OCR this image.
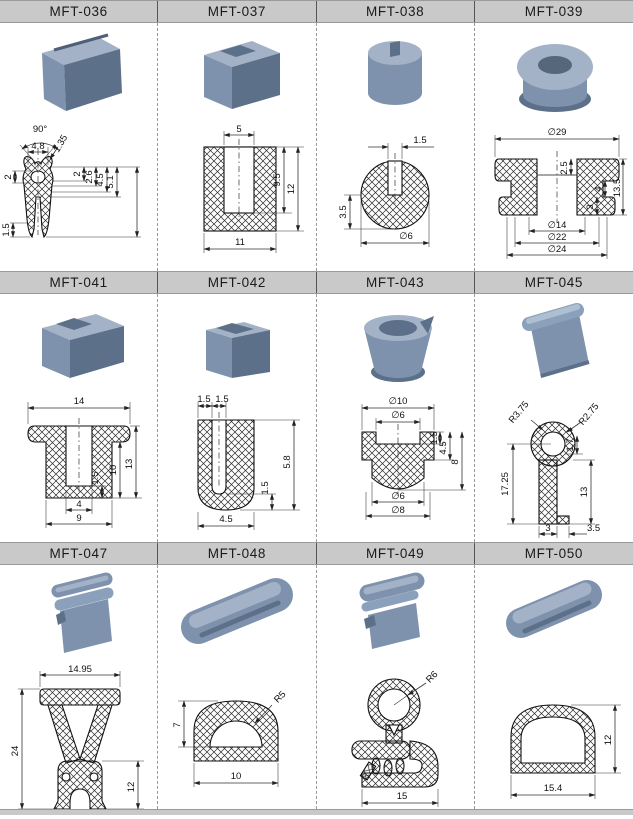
MFT-036	MFT-037	MFT-038	MFT-039
90°
4.8 1.35
2
2 2.6 4.5 5.1
1.5
5
9.5
12
11
1.5
3.5
∅6
∅29
2.5
13.5
4
3
∅14
∅22
∅24
MFT-041	MFT-042	MFT-043	MFT-045
14
1.5
10
13
4
9
1.5 1.5
5.8
1.5
4.5
∅10
∅6
1.5
4.5
8
∅6
∅8
R3.75	R2.75
1.7
17.25	13
3	3.5
MFT-047	MFT-048	MFT-049	MFT-050
14.95
24
12
R5
7
10
R6
15
12
15.4
